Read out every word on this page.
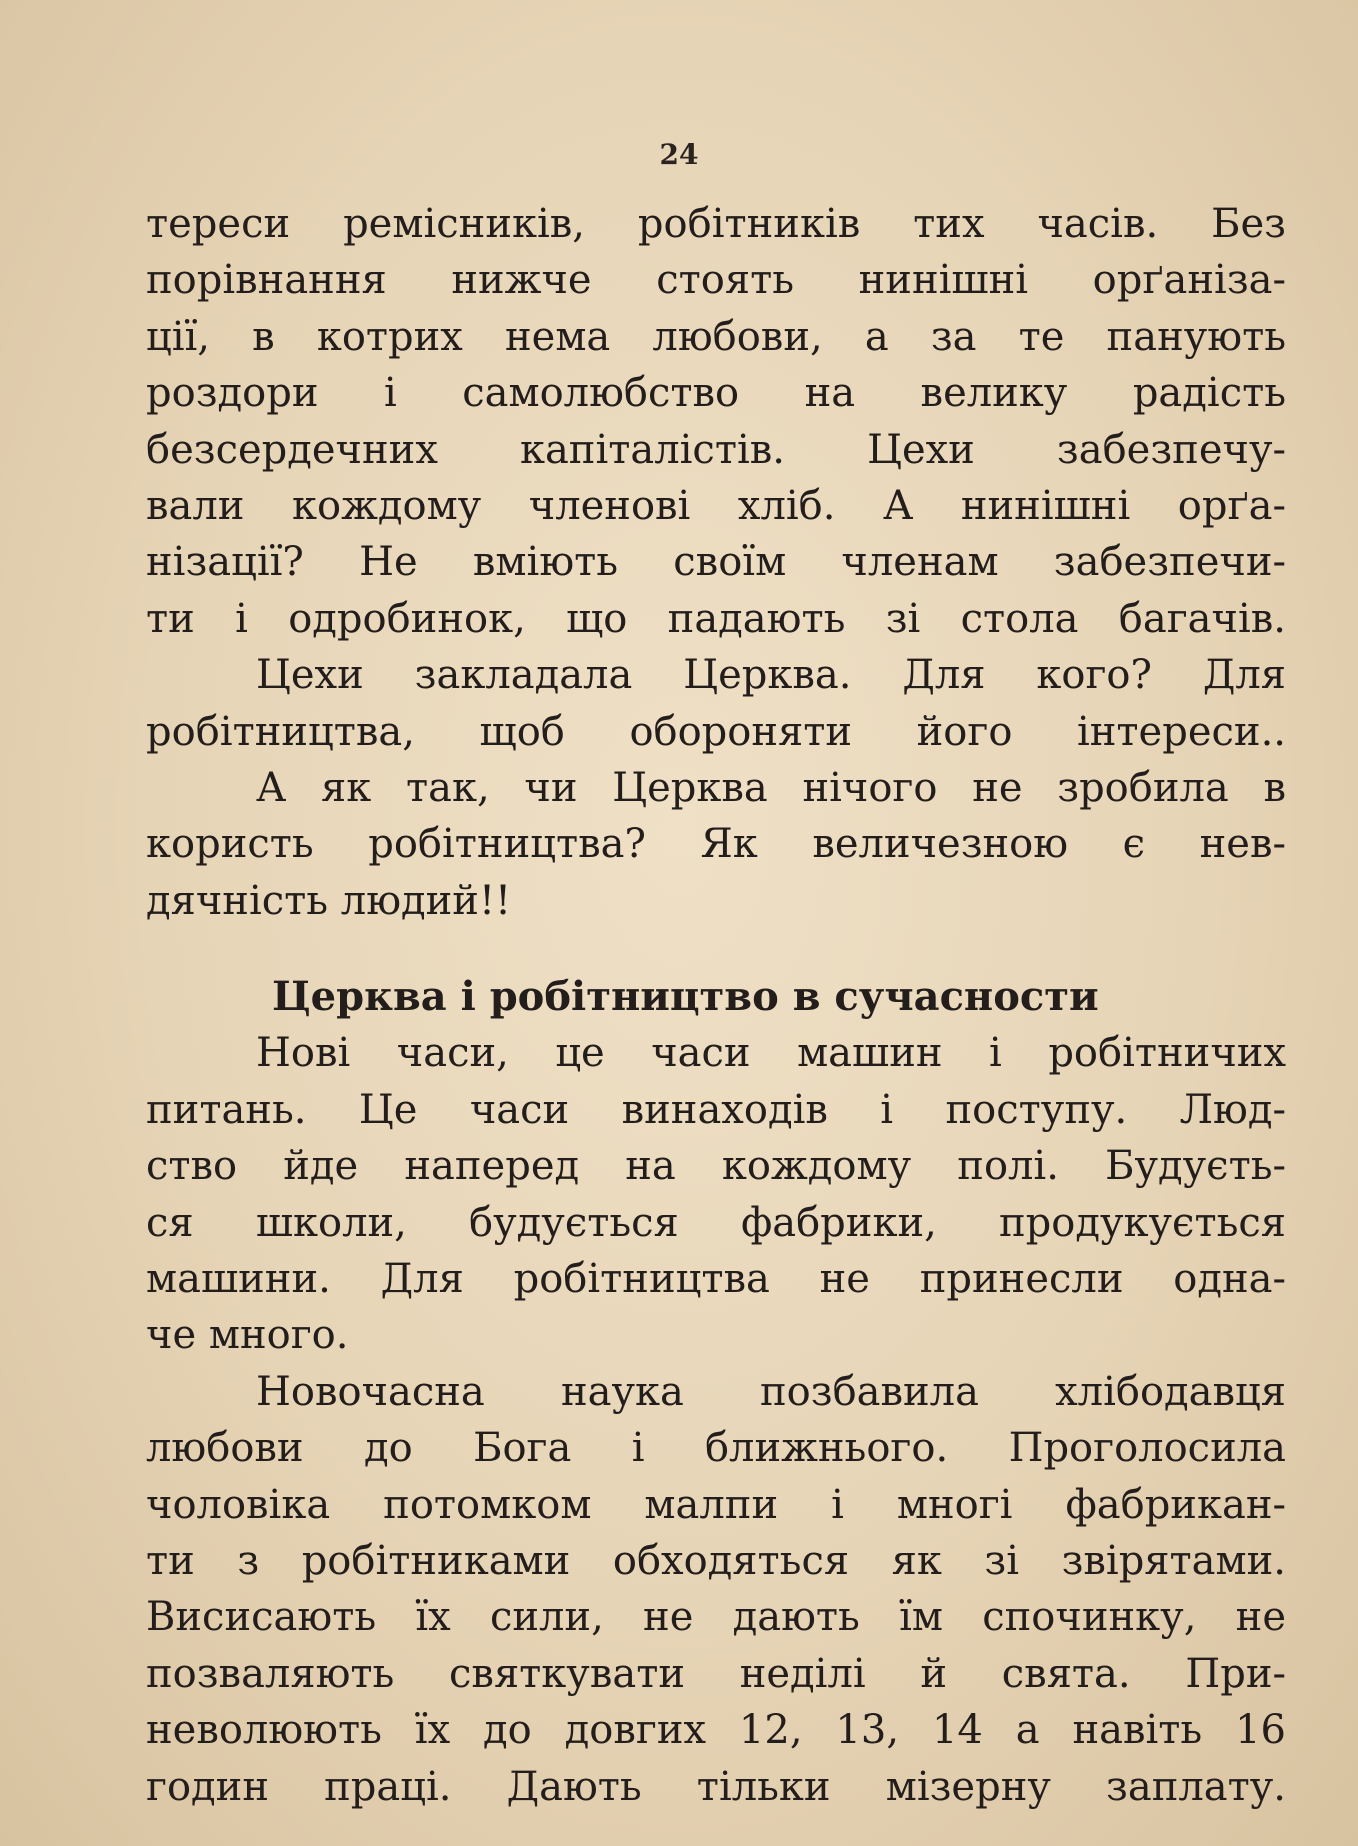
24
тереси ремісників, робітників тих часів. Без
порівнання нижче стоять нинішні орґаніза-
ції, в котрих нема любови, а за те панують
роздори і самолюбство на велику радість
безсердечних капіталістів. Цехи забезпечу-
вали кождому членові хліб. А нинішні орґа-
нізації? Не вміють своїм членам забезпечи-
ти і одробинок, що падають зі стола багачів.
Цехи закладала Церква. Для кого? Для
робітництва, щоб обороняти його інтереси..
А як так, чи Церква нічого не зробила в
користь робітництва? Як величезною є нев-
дячність людий!!
Церква і робітництво в сучасности
Нові часи, це часи машин і робітничих
питань. Це часи винаходів і поступу. Люд-
ство йде наперед на кождому полі. Будуєть-
ся школи, будується фабрики, продукується
машини. Для робітництва не принесли одна-
че много.
Новочасна наука позбавила хлібодавця
любови до Бога і ближнього. Проголосила
чоловіка потомком малпи і многі фабрикан-
ти з робітниками обходяться як зі звірятами.
Висисають їх сили, не дають їм спочинку, не
позваляють святкувати неділі й свята. При-
неволюють їх до довгих 12, 13, 14 а навіть 16
годин праці. Дають тільки мізерну заплату.
